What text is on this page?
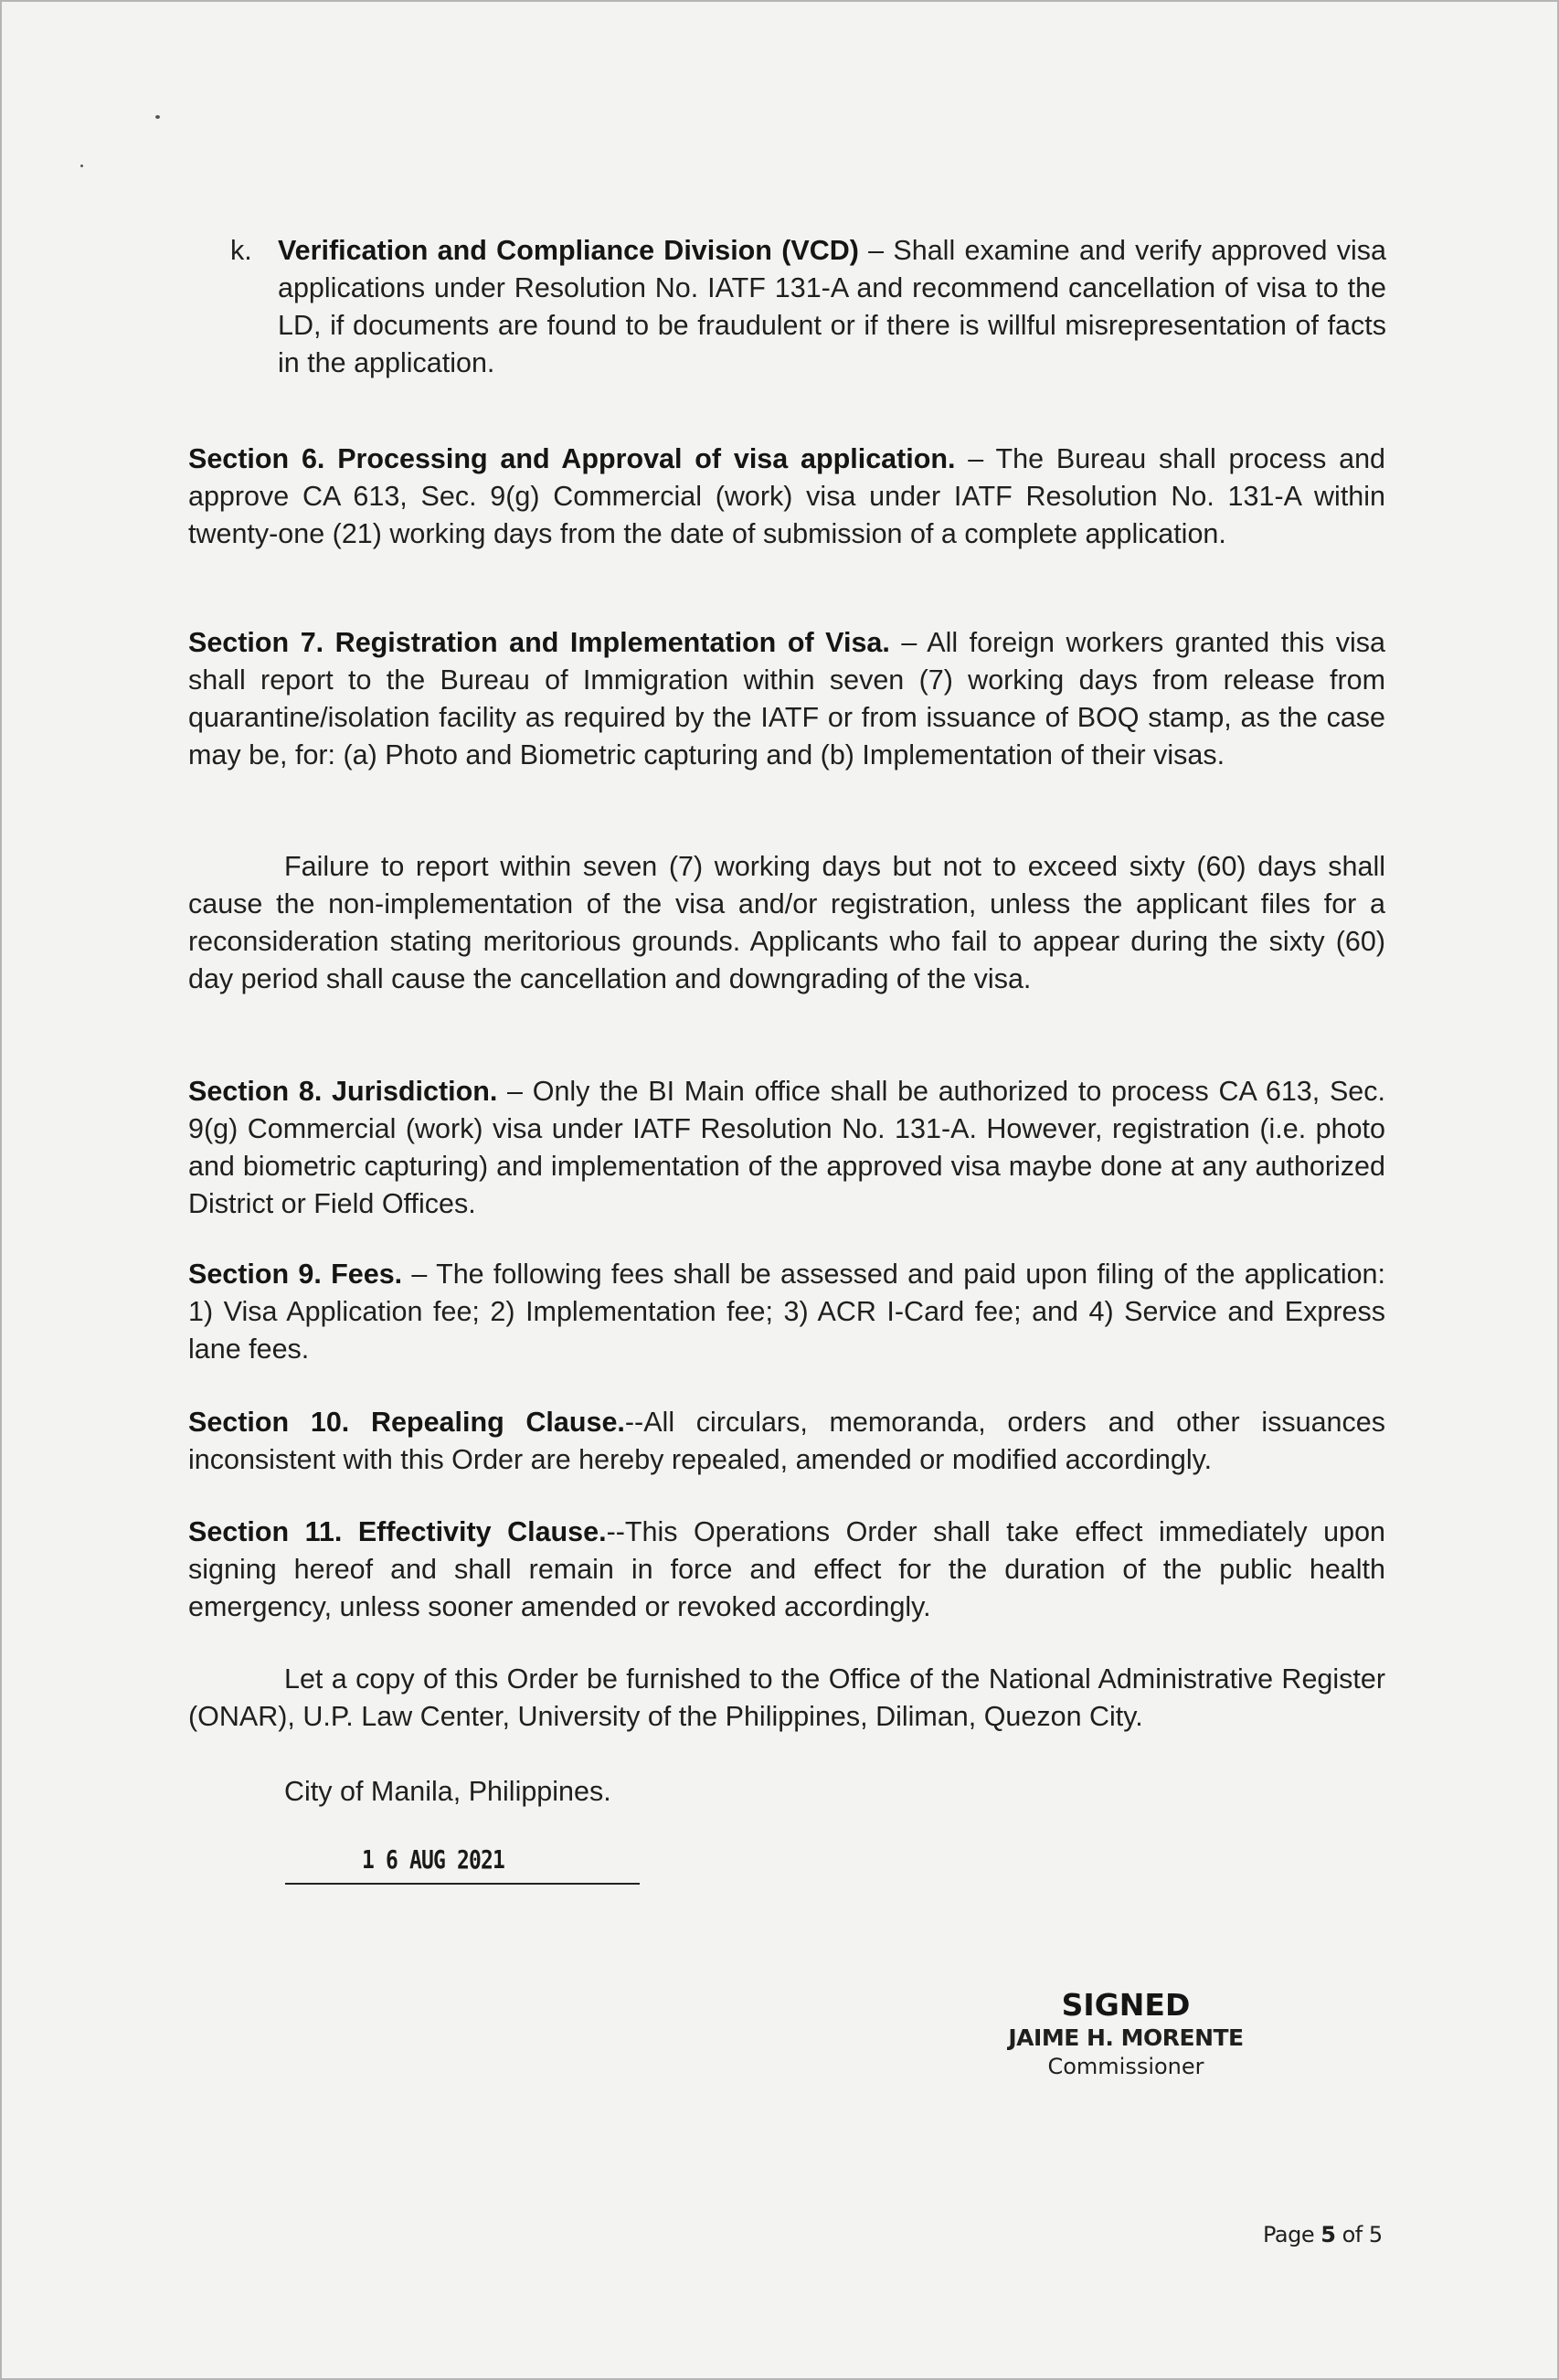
k. Verification and Compliance Division (VCD) – Shall examine and verify approved visa applications under Resolution No. IATF 131-A and recommend cancellation of visa to the LD, if documents are found to be fraudulent or if there is willful misrepresentation of facts in the application.
Section 6. Processing and Approval of visa application. – The Bureau shall process and approve CA 613, Sec. 9(g) Commercial (work) visa under IATF Resolution No. 131-A within twenty-one (21) working days from the date of submission of a complete application.
Section 7. Registration and Implementation of Visa. – All foreign workers granted this visa shall report to the Bureau of Immigration within seven (7) working days from release from quarantine/isolation facility as required by the IATF or from issuance of BOQ stamp, as the case may be, for: (a) Photo and Biometric capturing and (b) Implementation of their visas.
Failure to report within seven (7) working days but not to exceed sixty (60) days shall cause the non-implementation of the visa and/or registration, unless the applicant files for a reconsideration stating meritorious grounds. Applicants who fail to appear during the sixty (60) day period shall cause the cancellation and downgrading of the visa.
Section 8. Jurisdiction. – Only the BI Main office shall be authorized to process CA 613, Sec. 9(g) Commercial (work) visa under IATF Resolution No. 131-A. However, registration (i.e. photo and biometric capturing) and implementation of the approved visa maybe done at any authorized District or Field Offices.
Section 9. Fees. – The following fees shall be assessed and paid upon filing of the application: 1) Visa Application fee; 2) Implementation fee; 3) ACR I-Card fee; and 4) Service and Express lane fees.
Section 10. Repealing Clause.--All circulars, memoranda, orders and other issuances inconsistent with this Order are hereby repealed, amended or modified accordingly.
Section 11. Effectivity Clause.--This Operations Order shall take effect immediately upon signing hereof and shall remain in force and effect for the duration of the public health emergency, unless sooner amended or revoked accordingly.
Let a copy of this Order be furnished to the Office of the National Administrative Register (ONAR), U.P. Law Center, University of the Philippines, Diliman, Quezon City.
City of Manila, Philippines.
1 6 AUG 2021
SIGNED
JAIME H. MORENTE
Commissioner
Page 5 of 5
